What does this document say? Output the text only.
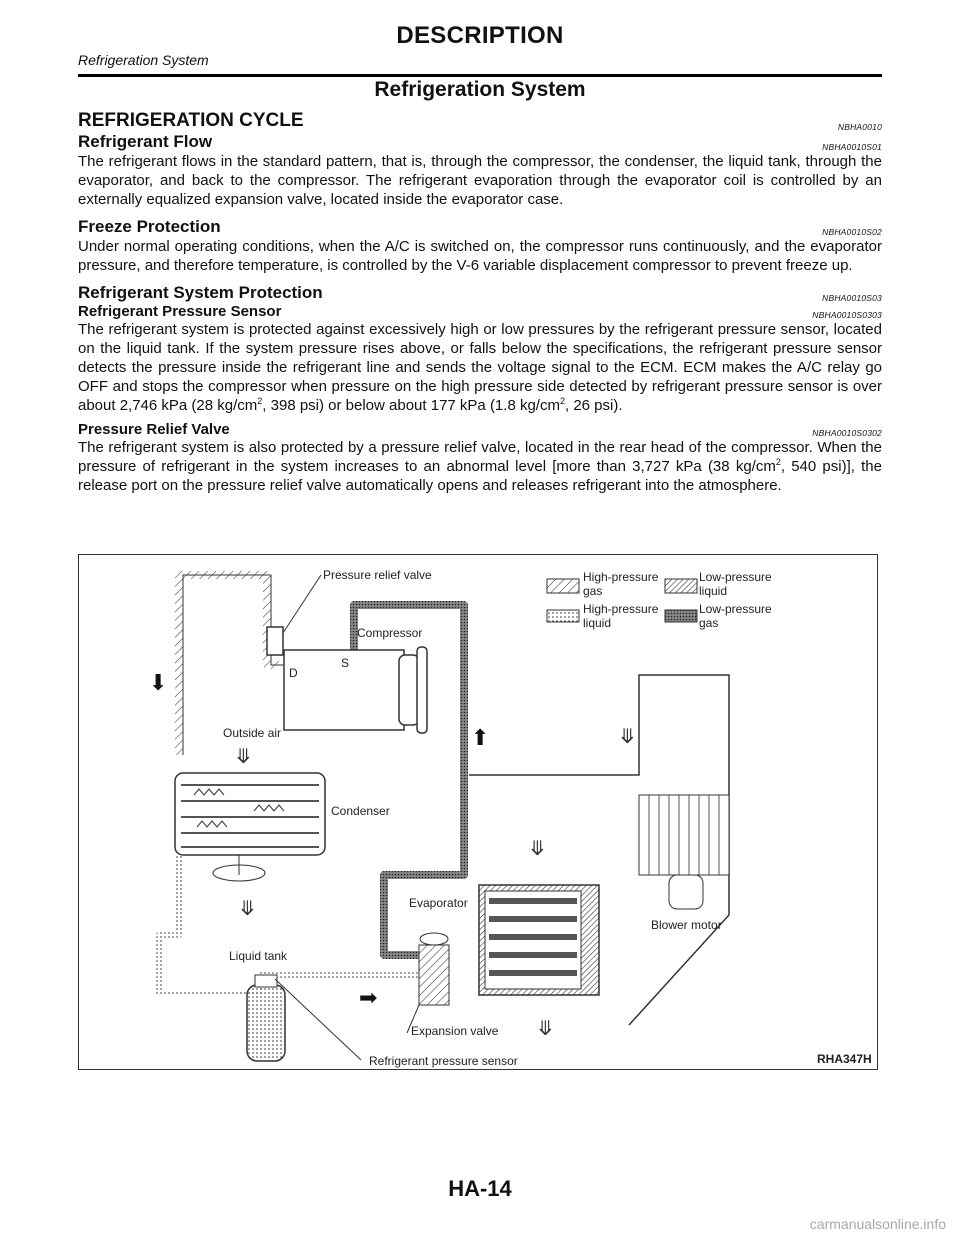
DESCRIPTION
Refrigeration System
Refrigeration System
REFRIGERATION CYCLE	NBHA0010
Refrigerant Flow	NBHA0010S01

The refrigerant flows in the standard pattern, that is, through the compressor, the condenser, the liquid tank, through the evaporator, and back to the compressor. The refrigerant evaporation through the evaporator coil is controlled by an externally equalized expansion valve, located inside the evaporator case.

Freeze Protection	NBHA0010S02

Under normal operating conditions, when the A/C is switched on, the compressor runs continuously, and the evaporator pressure, and therefore temperature, is controlled by the V-6 variable displacement compressor to prevent freeze up.

Refrigerant System Protection	NBHA0010S03
Refrigerant Pressure Sensor	NBHA0010S0303

The refrigerant system is protected against excessively high or low pressures by the refrigerant pressure sensor, located on the liquid tank. If the system pressure rises above, or falls below the specifications, the refrigerant pressure sensor detects the pressure inside the refrigerant line and sends the voltage signal to the ECM. ECM makes the A/C relay go OFF and stops the compressor when pressure on the high pressure side detected by refrigerant pressure sensor is over about 2,746 kPa (28 $kg/cm^2$, 398 psi) or below about 177 kPa (1.8 $kg/cm^2$, 26 psi).

Pressure Relief Valve	NBHA0010S0302

The refrigerant system is also protected by a pressure relief valve, located in the rear head of the compressor. When the pressure of refrigerant in the system increases to an abnormal level [more than 3,727 kPa (38 $kg/cm^2$, 540 psi)], the release port on the pressure relief valve automatically opens and releases refrigerant into the atmosphere.

High-pressure
gas
Low-pressure
liquid
High-pressure
liquid
Low-pressure
gas
Pressure relief valve
D
S
Compressor
Outside air
⤋
Condenser
⤋
Liquid tank
Refrigerant pressure sensor
Evaporator
Expansion valve
Blower motor
⬇
⬆
➡
⤋
⤋
⤋
RHA347H
HA-14
carmanualsonline.info
